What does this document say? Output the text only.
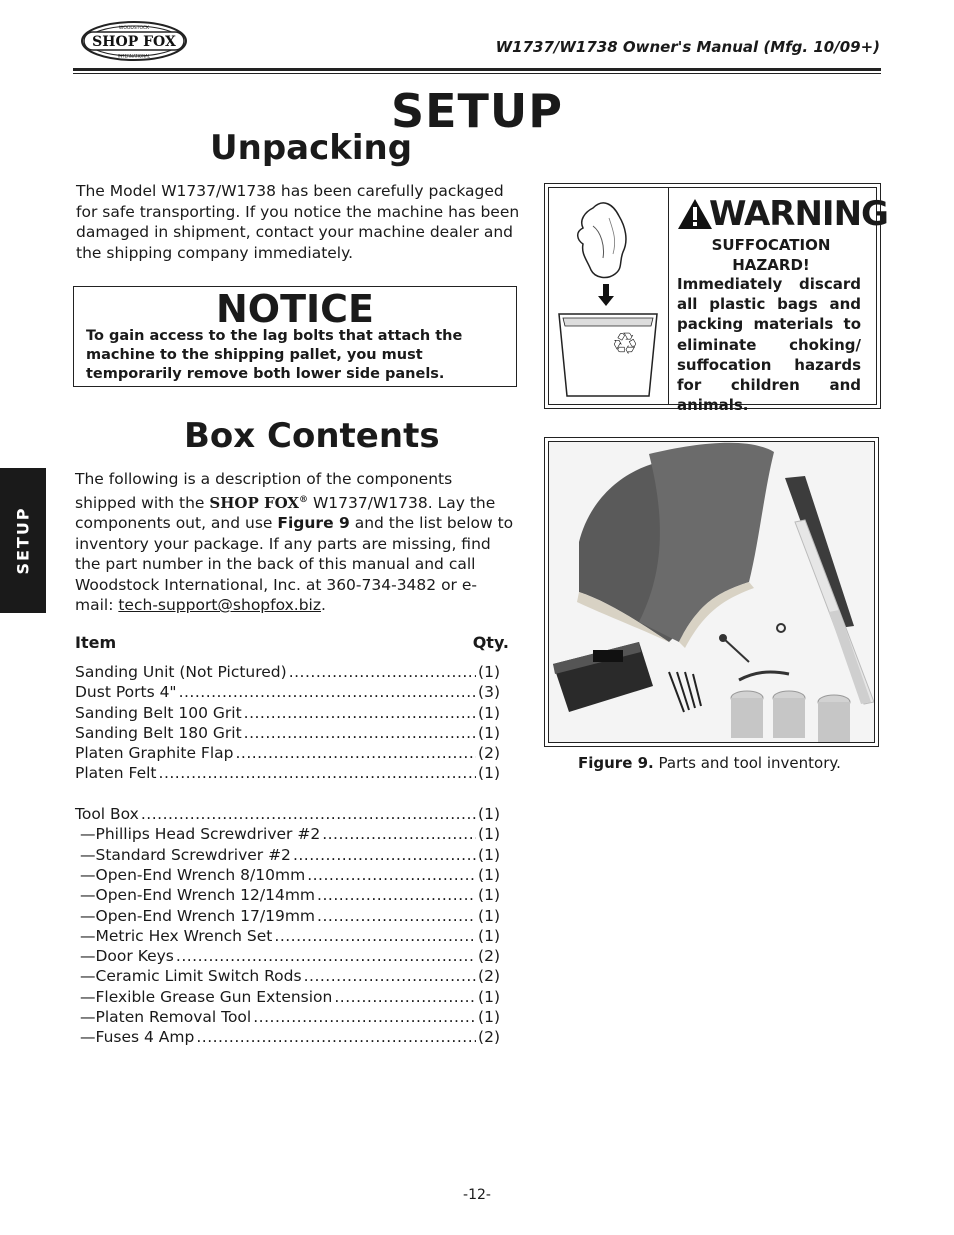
SHOP FOX
WOODSTOCK
INTERNATIONAL	W1737/W1738 Owner's Manual (Mfg. 10/09+)
SETUP
SETUP
Unpacking
The Model W1737/W1738 has been carefully packaged for safe transporting. If you notice the machine has been damaged in shipment, contact your machine dealer and the shipping company immediately.
NOTICE
To gain access to the lag bolts that attach the machine to the shipping pallet, you must temporarily remove both lower side panels.
♲
WARNING
SUFFOCATION HAZARD!
Immediately discard all plastic bags and packing materials to eliminate choking/ suffocation hazards for children and animals.
Box Contents
The following is a description of the components shipped with the SHOP FOX® W1737/W1738. Lay the components out, and use Figure 9 and the list below to inventory your package. If any parts are missing, find the part number in the back of this manual and call Woodstock International, Inc. at 360-734-3482 or e-mail: tech-support@shopfox.biz.
Item	Qty.
Sanding Unit (Not Pictured) .....	(1)
Dust Ports 4" .....	(3)
Sanding Belt 100 Grit .....	(1)
Sanding Belt 180 Grit .....	(1)
Platen Graphite Flap .....	(2)
Platen Felt .....	(1)
Tool Box .....	(1)
—Phillips Head Screwdriver #2 .....	(1)
—Standard Screwdriver #2 .....	(1)
—Open-End Wrench 8/10mm .....	(1)
—Open-End Wrench 12/14mm .....	(1)
—Open-End Wrench 17/19mm .....	(1)
—Metric Hex Wrench Set .....	(1)
—Door Keys .....	(2)
—Ceramic Limit Switch Rods .....	(2)
—Flexible Grease Gun Extension .....	(1)
—Platen Removal Tool .....	(1)
—Fuses 4 Amp .....	(2)
Figure 9. Parts and tool inventory.
-12-
